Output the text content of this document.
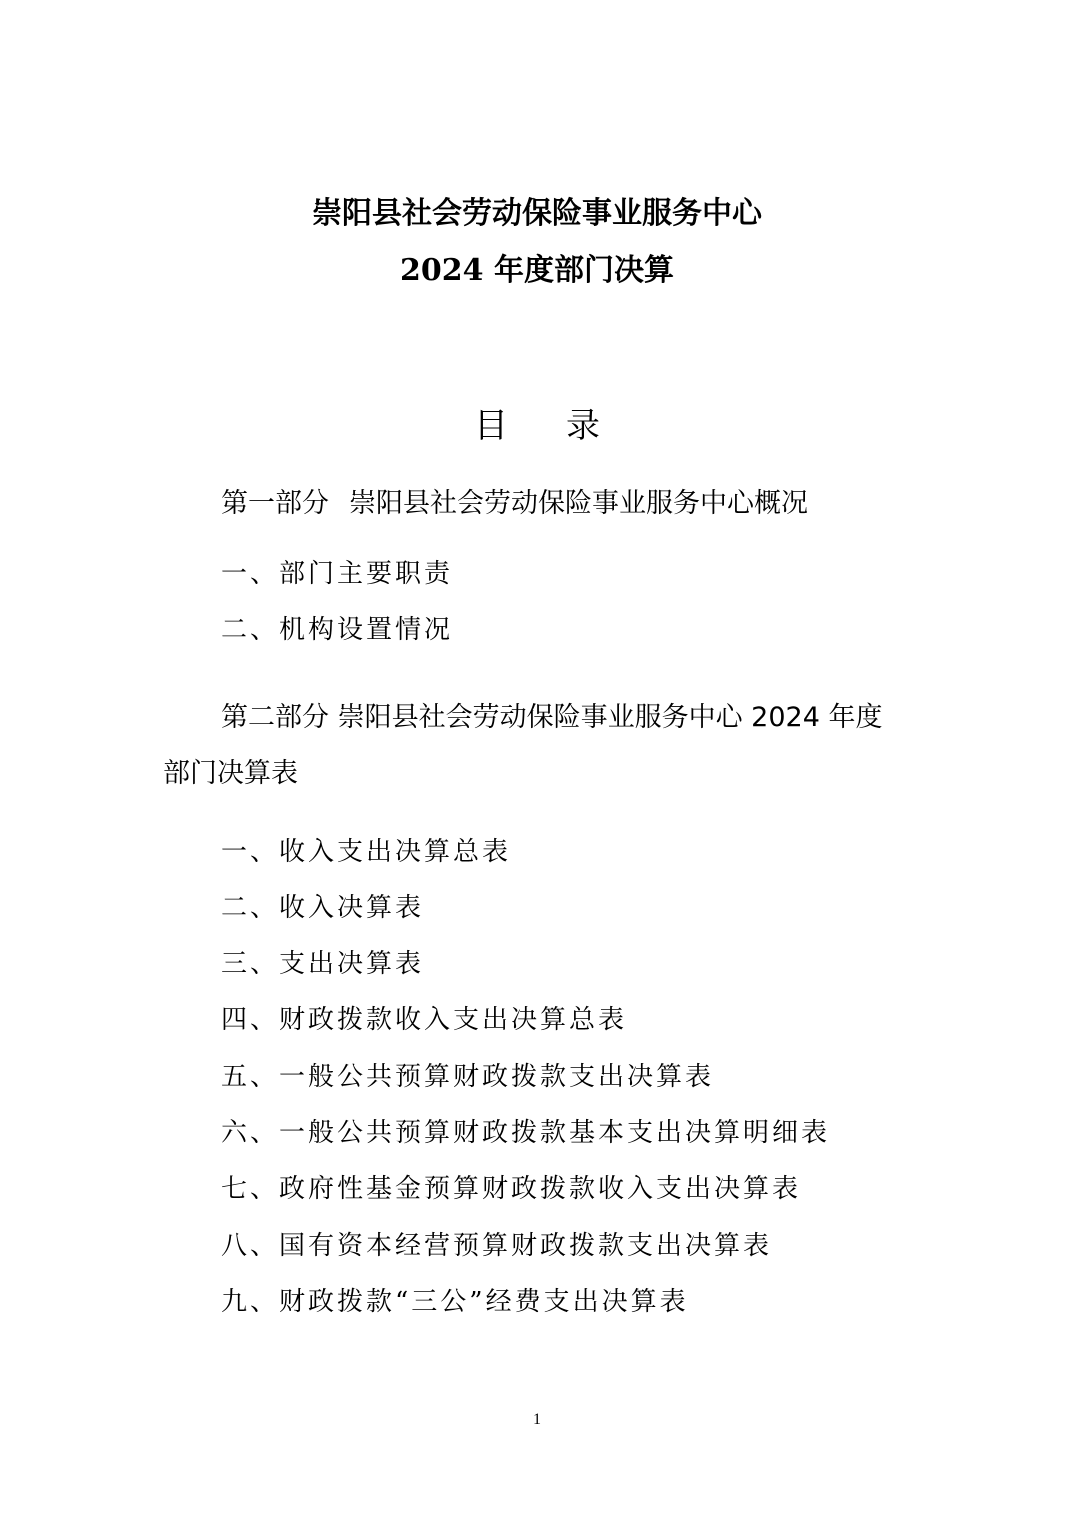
崇阳县社会劳动保险事业服务中心
2024 年度部门决算
目录
第一部分 崇阳县社会劳动保险事业服务中心概况
一、部门主要职责
二、机构设置情况
第二部分 崇阳县社会劳动保险事业服务中心 2024 年度
部门决算表
一、收入支出决算总表
二、收入决算表
三、支出决算表
四、财政拨款收入支出决算总表
五、一般公共预算财政拨款支出决算表
六、一般公共预算财政拨款基本支出决算明细表
七、政府性基金预算财政拨款收入支出决算表
八、国有资本经营预算财政拨款支出决算表
九、财政拨款“三公”经费支出决算表
1
